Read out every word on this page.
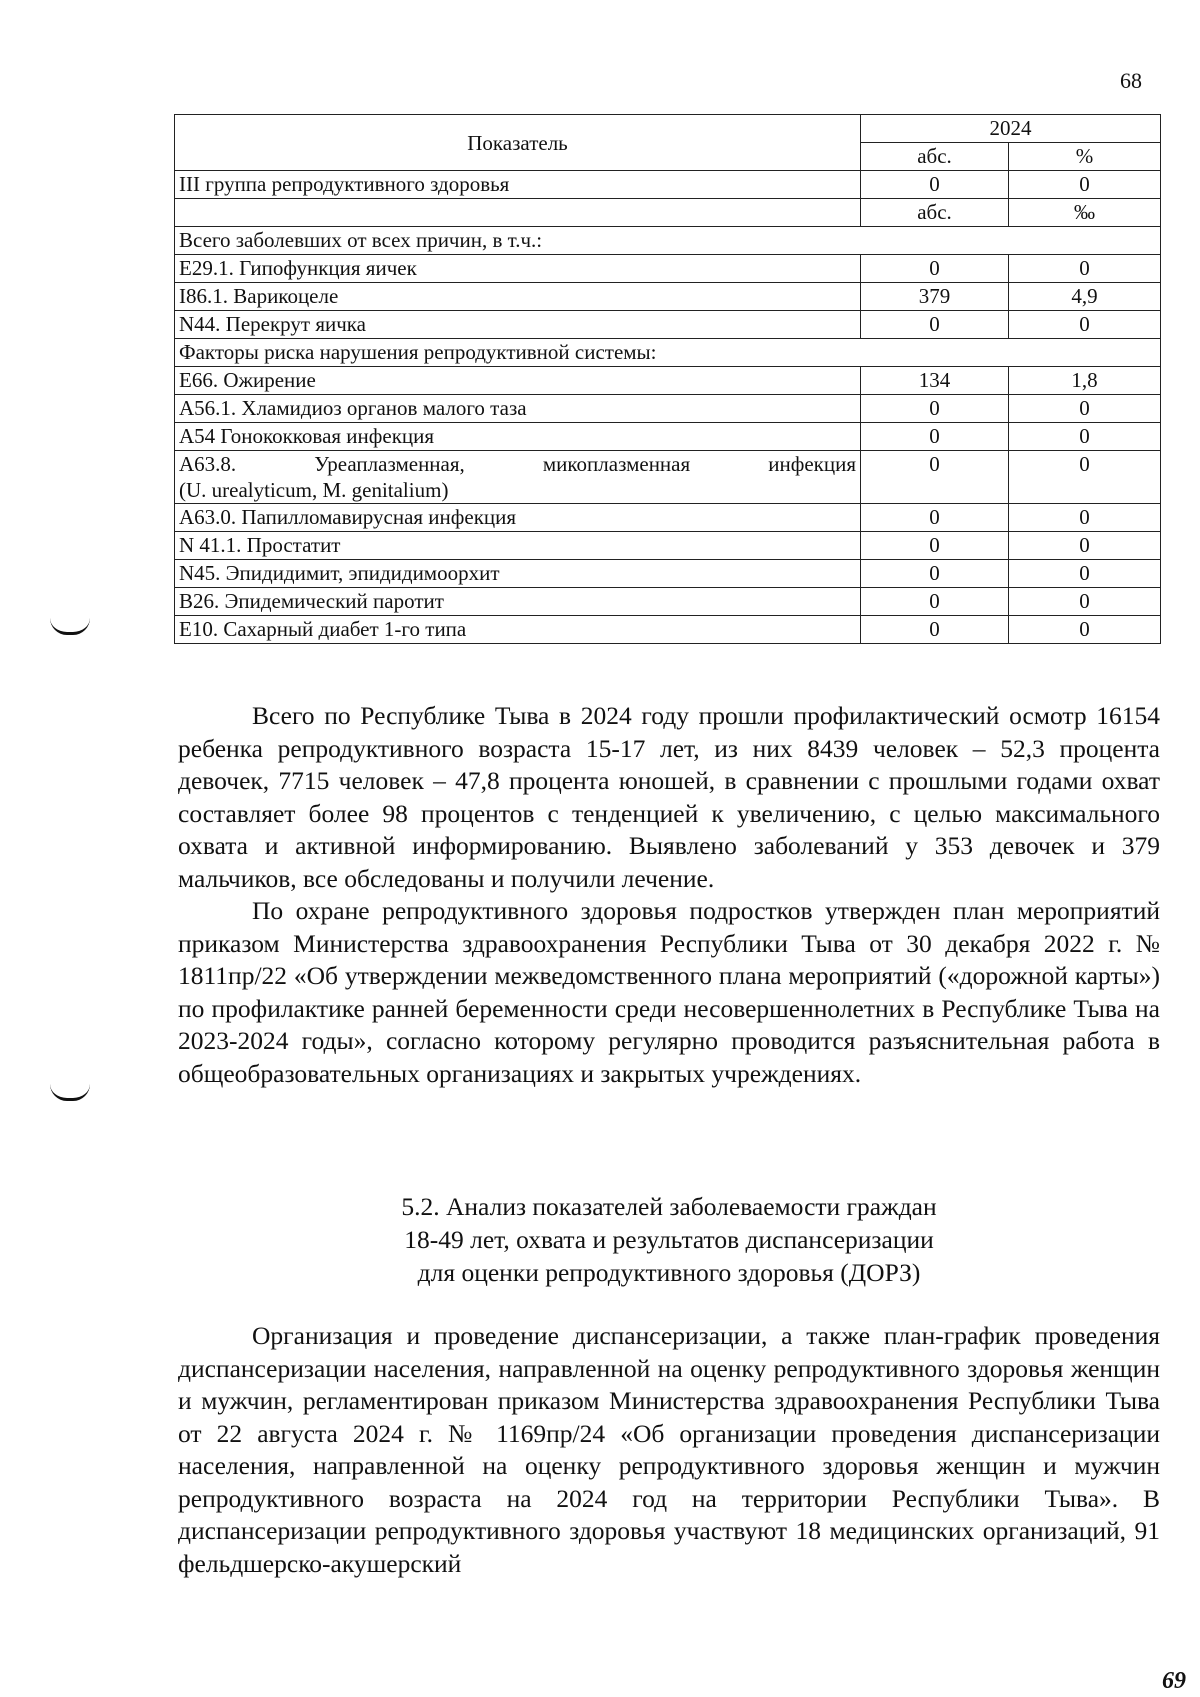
68
Показатель	2024	
	абс.	%
III группа репродуктивного здоровья	0	0
	абс.	‰
Всего заболевших от всех причин, в т.ч.:		
Е29.1. Гипофункция яичек	0	0
I86.1. Варикоцеле	379	4,9
N44. Перекрут яичка	0	0
Факторы риска нарушения репродуктивной системы:		
Е66. Ожирение	134	1,8
А56.1. Хламидиоз органов малого таза	0	0
А54 Гонококковая инфекция	0	0

А63.8. Уреаплазменная, микоплазменная инфекция
(U. urealyticum, M. genitalium)	0	0
А63.0. Папилломавирусная инфекция	0	0
N 41.1. Простатит	0	0
N45. Эпидидимит, эпидидимоорхит	0	0
В26. Эпидемический паротит	0	0
Е10. Сахарный диабет 1-го типа	0	0

Всего по Республике Тыва в 2024 году прошли профилактический осмотр 16154 ребенка репродуктивного возраста 15-17 лет, из них 8439 человек – 52,3 процента девочек, 7715 человек – 47,8 процента юношей, в сравнении с прошлыми годами охват составляет более 98 процентов с тенденцией к увеличению, с целью максимального охвата и активной информированию. Выявлено заболеваний у 353 девочек и 379 мальчиков, все обследованы и получили лечение.

По охране репродуктивного здоровья подростков утвержден план мероприятий приказом Министерства здравоохранения Республики Тыва от 30 декабря 2022 г. № 1811пр/22 «Об утверждении межведомственного плана мероприятий («дорожной карты») по профилактике ранней беременности среди несовершеннолетних в Республике Тыва на 2023-2024 годы», согласно которому регулярно проводится разъяснительная работа в общеобразовательных организациях и закрытых учреждениях.

5.2. Анализ показателей заболеваемости граждан
18-49 лет, охвата и результатов диспансеризации
для оценки репродуктивного здоровья (ДОРЗ)

Организация и проведение диспансеризации, а также план-график проведения диспансеризации населения, направленной на оценку репродуктивного здоровья женщин и мужчин, регламентирован приказом Министерства здравоохранения Республики Тыва от 22 августа 2024 г. № 1169пр/24 «Об организации проведения диспансеризации населения, направленной на оценку репродуктивного здоровья женщин и мужчин репродуктивного возраста на 2024 год на территории Республики Тыва». В диспансеризации репродуктивного здоровья участвуют 18 медицинских организаций, 91 фельдшерско-акушерский

69
